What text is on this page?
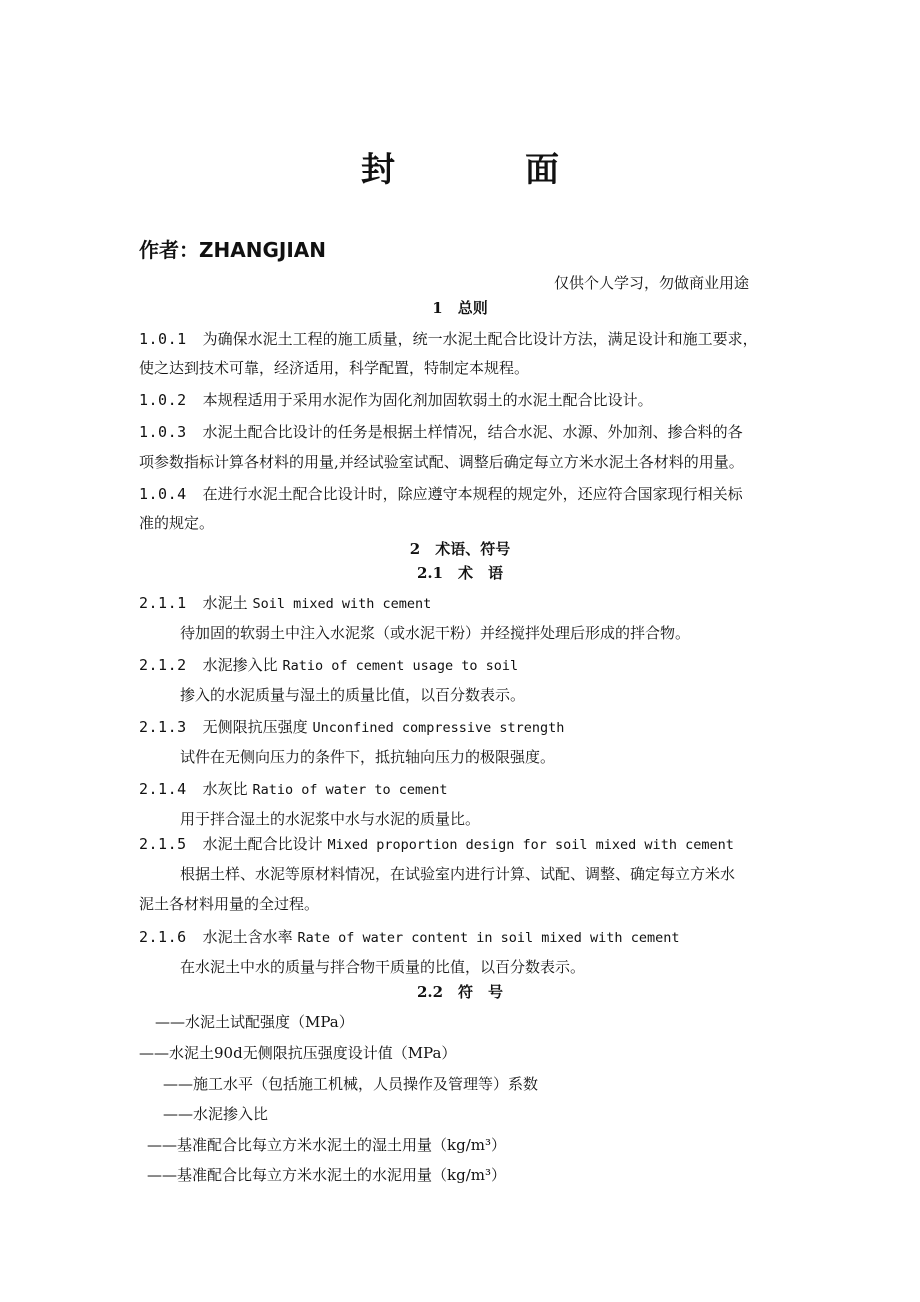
封	面
作者：ZHANGJIAN
仅供个人学习，勿做商业用途
1　总则
1.0.1 为确保水泥土工程的施工质量，统一水泥土配合比设计方法，满足设计和施工要求，
使之达到技术可靠，经济适用，科学配置，特制定本规程。
1.0.2 本规程适用于采用水泥作为固化剂加固软弱土的水泥土配合比设计。
1.0.3 水泥土配合比设计的任务是根据土样情况，结合水泥、水源、外加剂、掺合料的各
项参数指标计算各材料的用量,并经试验室试配、调整后确定每立方米水泥土各材料的用量。
1.0.4 在进行水泥土配合比设计时，除应遵守本规程的规定外，还应符合国家现行相关标
准的规定。
2　术语、符号
2.1　术　语
2.1.1 水泥土 Soil mixed with cement
待加固的软弱土中注入水泥浆（或水泥干粉）并经搅拌处理后形成的拌合物。
2.1.2 水泥掺入比 Ratio of cement usage to soil
掺入的水泥质量与湿土的质量比值，以百分数表示。
2.1.3 无侧限抗压强度 Unconfined compressive strength
试件在无侧向压力的条件下，抵抗轴向压力的极限强度。
2.1.4 水灰比 Ratio of water to cement
用于拌合湿土的水泥浆中水与水泥的质量比。
2.1.5 水泥土配合比设计 Mixed proportion design for soil mixed with cement
根据土样、水泥等原材料情况，在试验室内进行计算、试配、调整、确定每立方米水
泥土各材料用量的全过程。
2.1.6 水泥土含水率 Rate of water content in soil mixed with cement
在水泥土中水的质量与拌合物干质量的比值，以百分数表示。
2.2　符　号
——水泥土试配强度（MPa）
——水泥土90d无侧限抗压强度设计值（MPa）
——施工水平（包括施工机械，人员操作及管理等）系数
——水泥掺入比
——基准配合比每立方米水泥土的湿土用量（kg/m³）
——基准配合比每立方米水泥土的水泥用量（kg/m³）
